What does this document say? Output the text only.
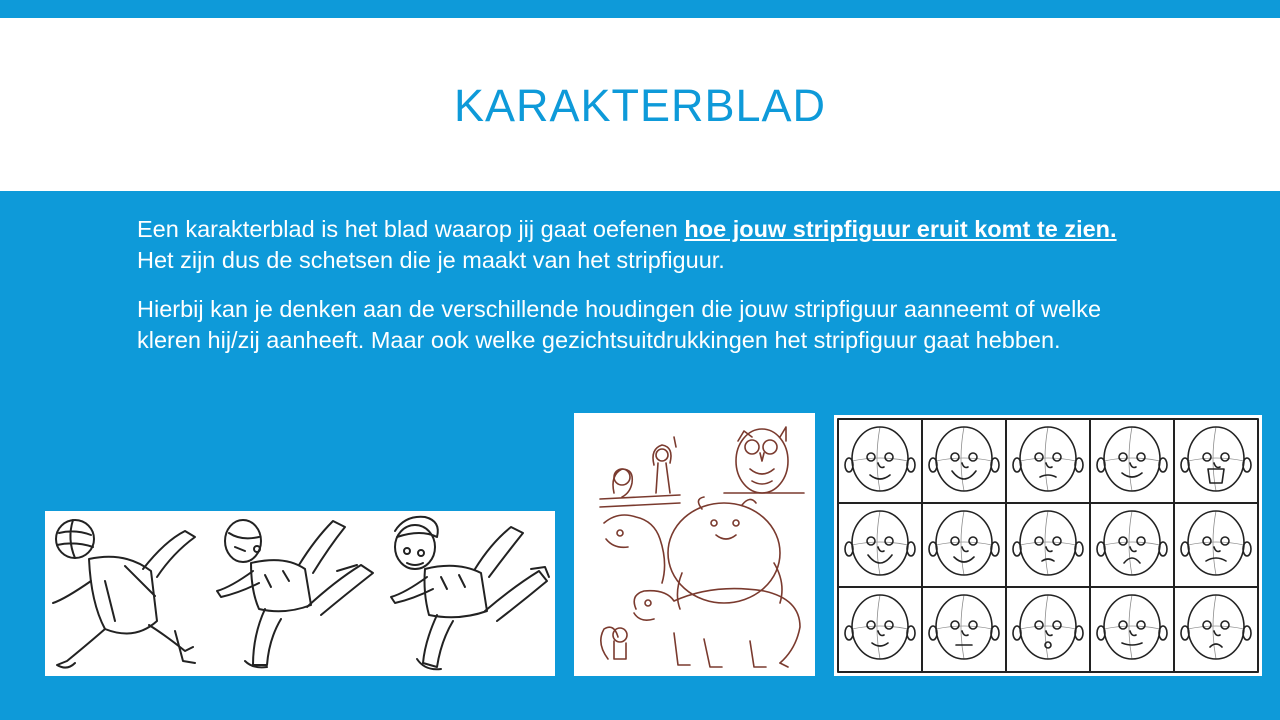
KARAKTERBLAD

Een karakterblad is het blad waarop jij gaat oefenen hoe jouw stripfiguur eruit komt te zien. Het zijn dus de schetsen die je maakt van het stripfiguur.

Hierbij kan je denken aan de verschillende houdingen die jouw stripfiguur aanneemt of welke kleren hij/zij aanheeft. Maar ook welke gezichtsuitdrukkingen het stripfiguur gaat hebben.
